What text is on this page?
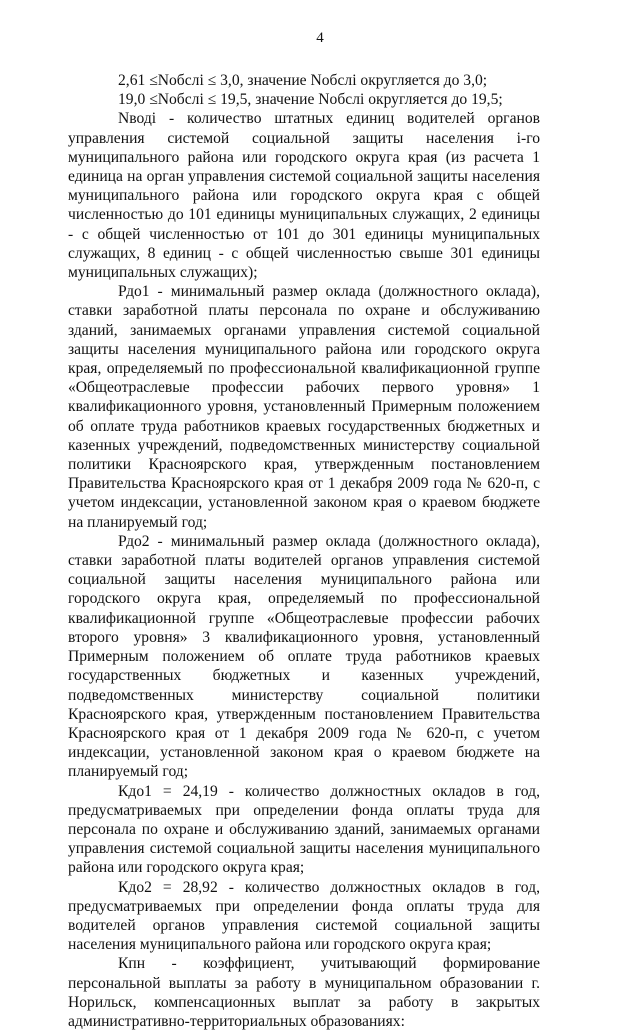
4

2,61 ≤Nобслі ≤ 3,0, значение Nобслі округляется до 3,0;

19,0 ≤Nобслі ≤ 19,5, значение Nобслі округляется до 19,5;

Nводі - количество штатных единиц водителей органов управления системой социальной защиты населения і-го муниципального района или городского округа края (из расчета 1 единица на орган управления системой социальной защиты населения муниципального района или городского округа края с общей численностью до 101 единицы муниципальных служащих, 2 единицы - с общей численностью от 101 до 301 единицы муниципальных служащих, 8 единиц - с общей численностью свыше 301 единицы муниципальных служащих);

Рдо1 - минимальный размер оклада (должностного оклада), ставки заработной платы персонала по охране и обслуживанию зданий, занимаемых органами управления системой социальной защиты населения муниципального района или городского округа края, определяемый по профессиональной квалификационной группе «Общеотраслевые профессии рабочих первого уровня» 1 квалификационного уровня, установленный Примерным положением об оплате труда работников краевых государственных бюджетных и казенных учреждений, подведомственных министерству социальной политики Красноярского края, утвержденным постановлением Правительства Красноярского края от 1 декабря 2009 года № 620-п, с учетом индексации, установленной законом края о краевом бюджете на планируемый год;

Рдо2 - минимальный размер оклада (должностного оклада), ставки заработной платы водителей органов управления системой социальной защиты населения муниципального района или городского округа края, определяемый по профессиональной квалификационной группе «Общеотраслевые профессии рабочих второго уровня» 3 квалификационного уровня, установленный Примерным положением об оплате труда работников краевых государственных бюджетных и казенных учреждений, подведомственных министерству социальной политики Красноярского края, утвержденным постановлением Правительства Красноярского края от 1 декабря 2009 года № 620-п, с учетом индексации, установленной законом края о краевом бюджете на планируемый год;

Кдо1 = 24,19 - количество должностных окладов в год, предусматриваемых при определении фонда оплаты труда для персонала по охране и обслуживанию зданий, занимаемых органами управления системой социальной защиты населения муниципального района или городского округа края;

Кдо2 = 28,92 - количество должностных окладов в год, предусматриваемых при определении фонда оплаты труда для водителей органов управления системой социальной защиты населения муниципального района или городского округа края;

Кпн - коэффициент, учитывающий формирование персональной выплаты за работу в муниципальном образовании г. Норильск, компенсационных выплат за работу в закрытых административно-территориальных образованиях:
